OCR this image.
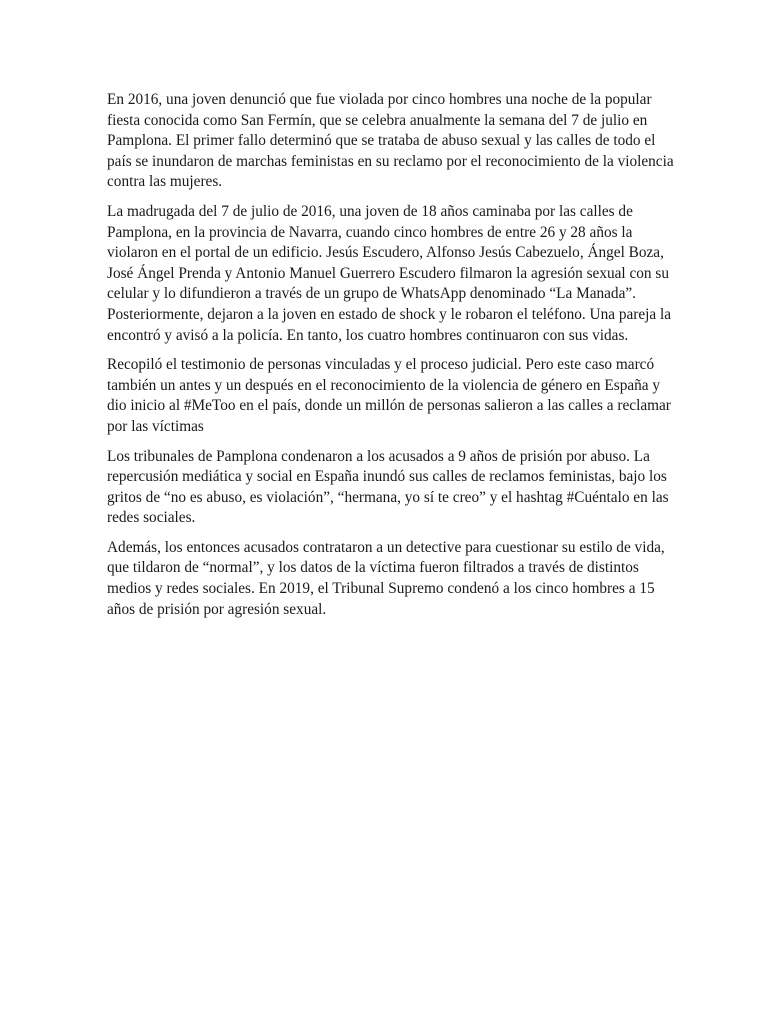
En 2016, una joven denunció que fue violada por cinco hombres una noche de la popular fiesta conocida como San Fermín, que se celebra anualmente la semana del 7 de julio en Pamplona. El primer fallo determinó que se trataba de abuso sexual y las calles de todo el país se inundaron de marchas feministas en su reclamo por el reconocimiento de la violencia contra las mujeres.

La madrugada del 7 de julio de 2016, una joven de 18 años caminaba por las calles de Pamplona, en la provincia de Navarra, cuando cinco hombres de entre 26 y 28 años la violaron en el portal de un edificio. Jesús Escudero, Alfonso Jesús Cabezuelo, Ángel Boza, José Ángel Prenda y Antonio Manuel Guerrero Escudero filmaron la agresión sexual con su celular y lo difundieron a través de un grupo de WhatsApp denominado “La Manada”. Posteriormente, dejaron a la joven en estado de shock y le robaron el teléfono. Una pareja la encontró y avisó a la policía. En tanto, los cuatro hombres continuaron con sus vidas.

Recopiló el testimonio de personas vinculadas y el proceso judicial. Pero este caso marcó también un antes y un después en el reconocimiento de la violencia de género en España y dio inicio al #MeToo en el país, donde un millón de personas salieron a las calles a reclamar por las víctimas

Los tribunales de Pamplona condenaron a los acusados a 9 años de prisión por abuso. La repercusión mediática y social en España inundó sus calles de reclamos feministas, bajo los gritos de “no es abuso, es violación”, “hermana, yo sí te creo” y el hashtag #Cuéntalo en las redes sociales.

Además, los entonces acusados contrataron a un detective para cuestionar su estilo de vida, que tildaron de “normal”, y los datos de la víctima fueron filtrados a través de distintos medios y redes sociales. En 2019, el Tribunal Supremo condenó a los cinco hombres a 15 años de prisión por agresión sexual.
